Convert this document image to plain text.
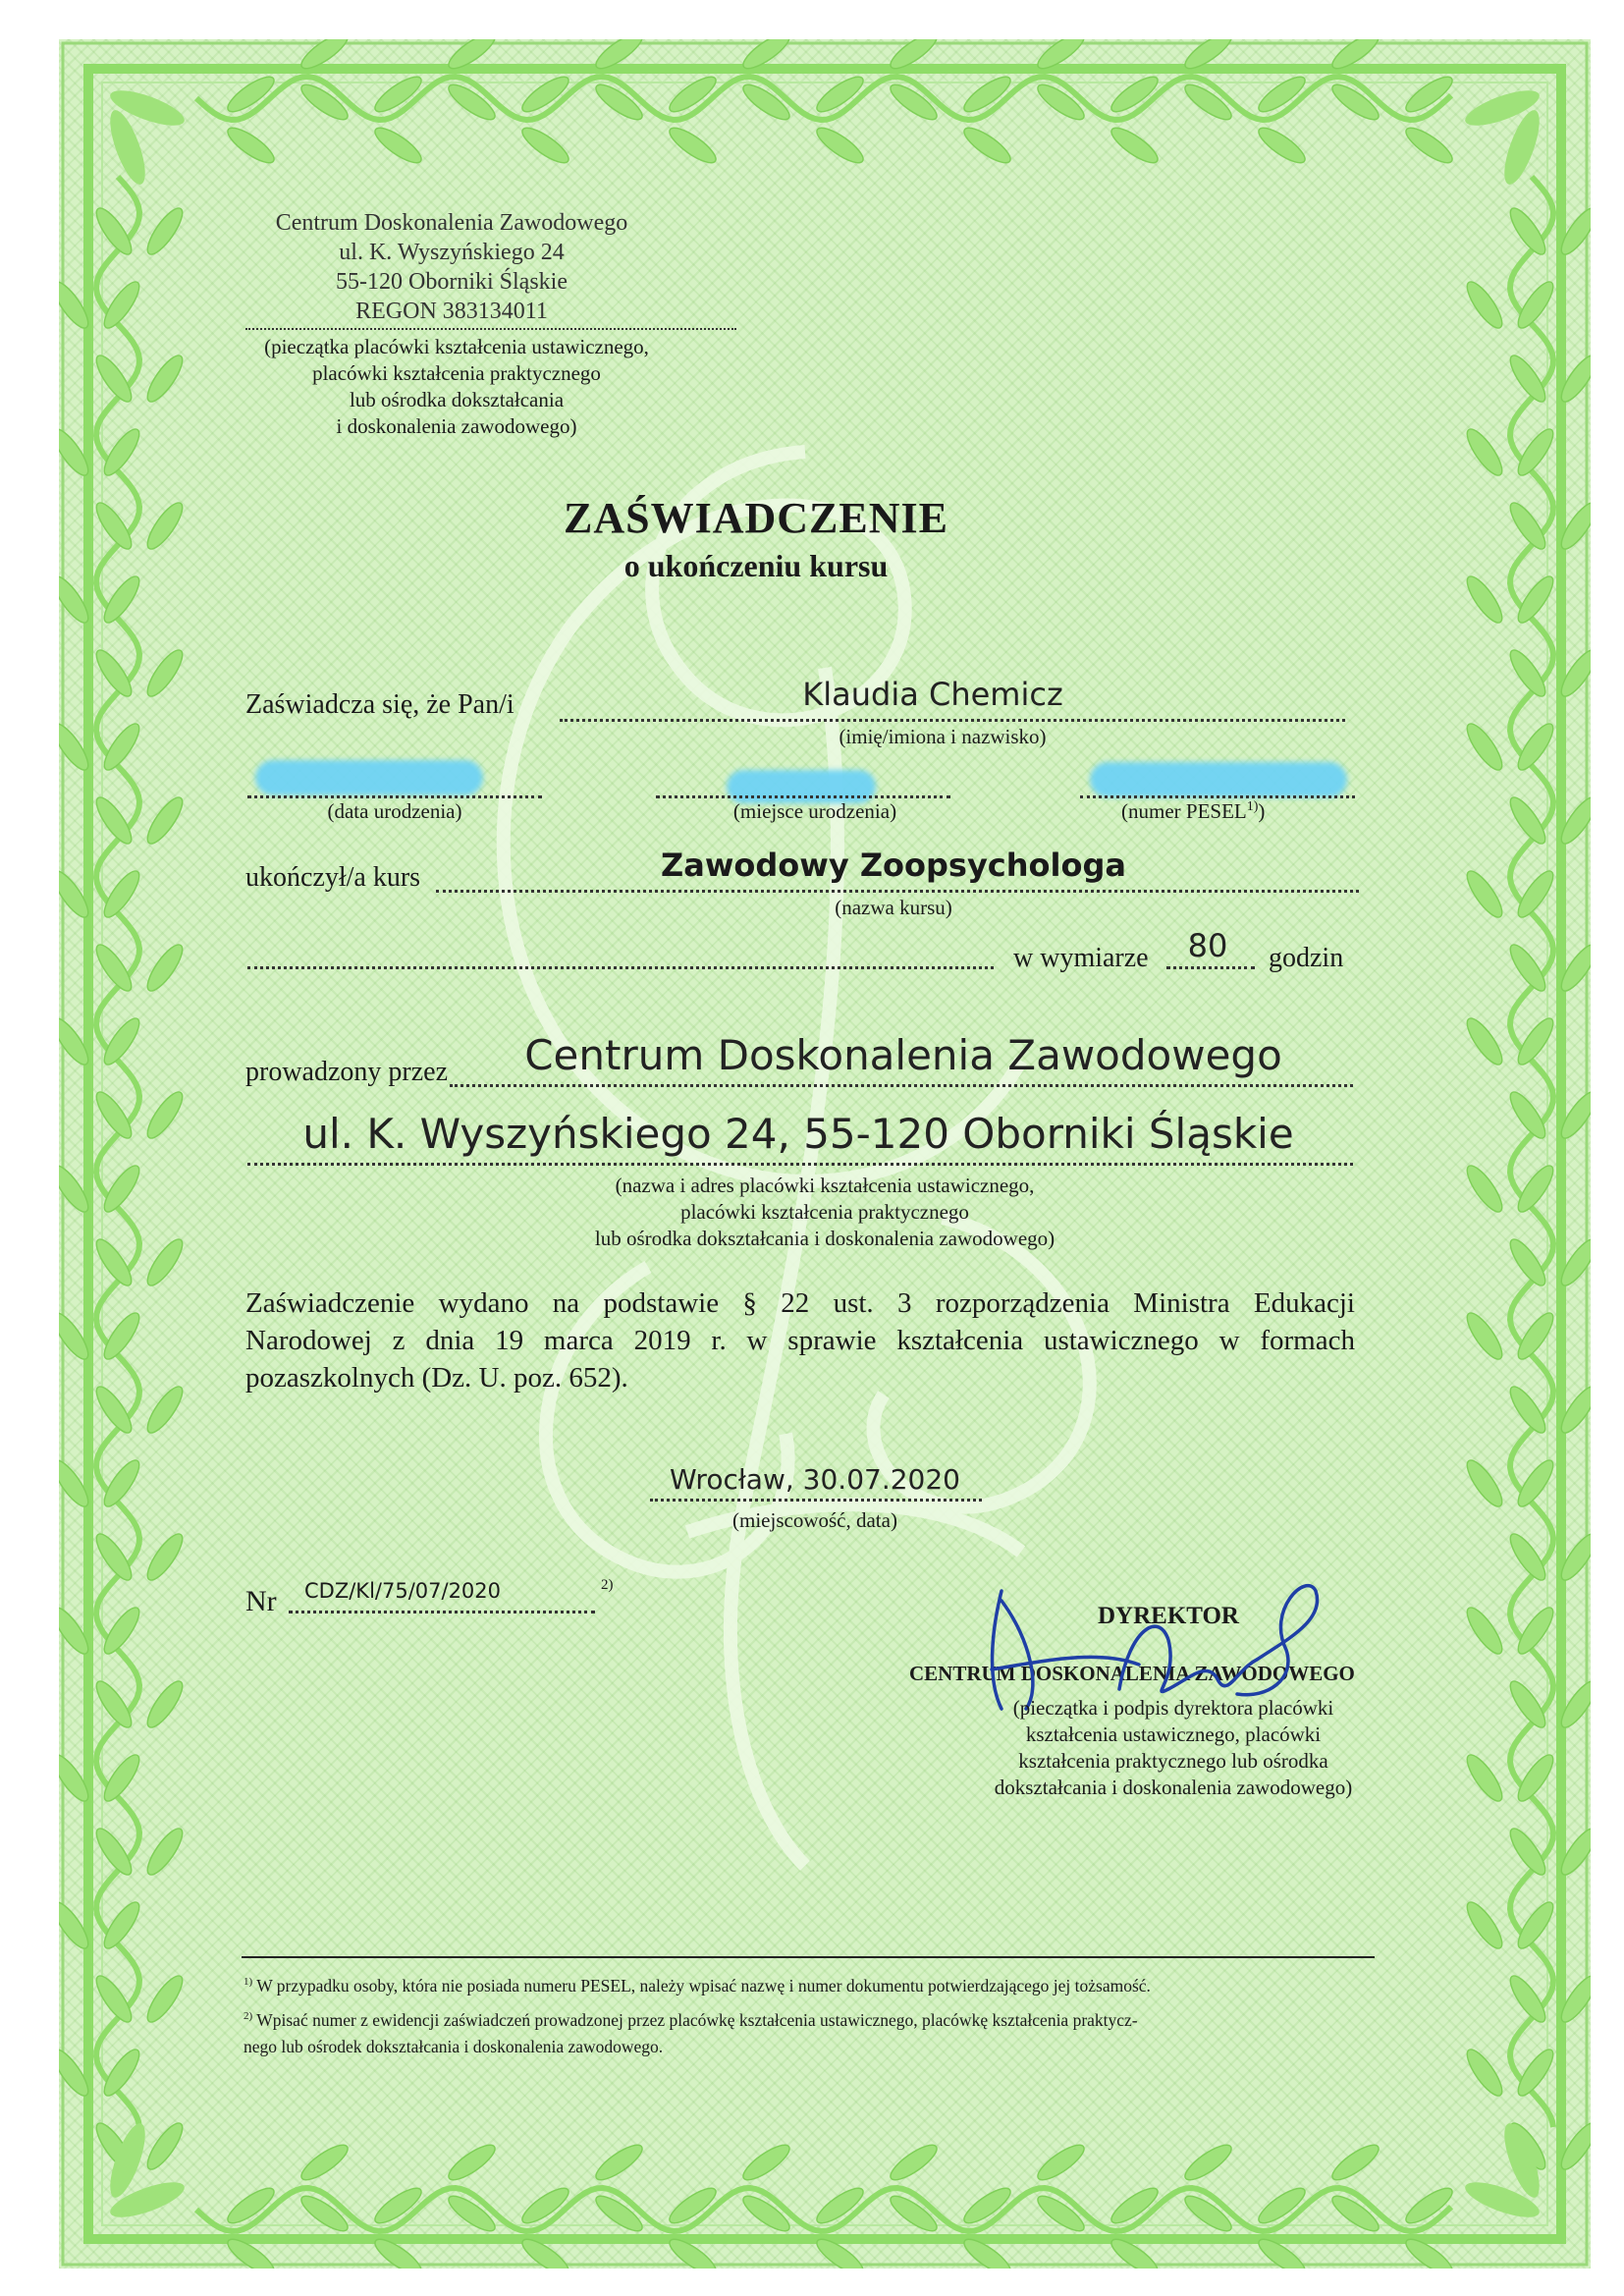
Centrum Doskonalenia Zawodowego
ul. K. Wyszyńskiego 24
55-120 Oborniki Śląskie
REGON 383134011
(pieczątka placówki kształcenia ustawicznego,
placówki kształcenia praktycznego
lub ośrodka dokształcania
i doskonalenia zawodowego)
ZAŚWIADCZENIE
o ukończeniu kursu
Zaświadcza się, że Pan/i	Klaudia Chemicz
(imię/imiona i nazwisko)
(data urodzenia)	(miejsce urodzenia)	(numer PESEL$^{1)}$)
ukończył/a kurs	Zawodowy Zoopsychologa
(nazwa kursu)
w wymiarze	80	godzin
prowadzony przez	Centrum Doskonalenia Zawodowego
ul. K. Wyszyńskiego 24, 55-120 Oborniki Śląskie
(nazwa i adres placówki kształcenia ustawicznego,
placówki kształcenia praktycznego
lub ośrodka dokształcania i doskonalenia zawodowego)
Zaświadczenie wydano na podstawie § 22 ust. 3 rozporządzenia Ministra Edukacji
Narodowej z dnia 19 marca 2019 r. w sprawie kształcenia ustawicznego w formach
pozaszkolnych (Dz. U. poz. 652).
Wrocław, 30.07.2020
(miejscowość, data)
Nr CDZ/Kl/75/07/2020	2)
DYREKTOR
CENTRUM DOSKONALENIA ZAWODOWEGO
(pieczątka i podpis dyrektora placówki
kształcenia ustawicznego, placówki
kształcenia praktycznego lub ośrodka
dokształcania i doskonalenia zawodowego)
$^{1)}$ W przypadku osoby, która nie posiada numeru PESEL, należy wpisać nazwę i numer dokumentu potwierdzającego jej tożsamość.
$^{2)}$ Wpisać numer z ewidencji zaświadczeń prowadzonej przez placówkę kształcenia ustawicznego, placówkę kształcenia praktycz-
nego lub ośrodek dokształcania i doskonalenia zawodowego.
